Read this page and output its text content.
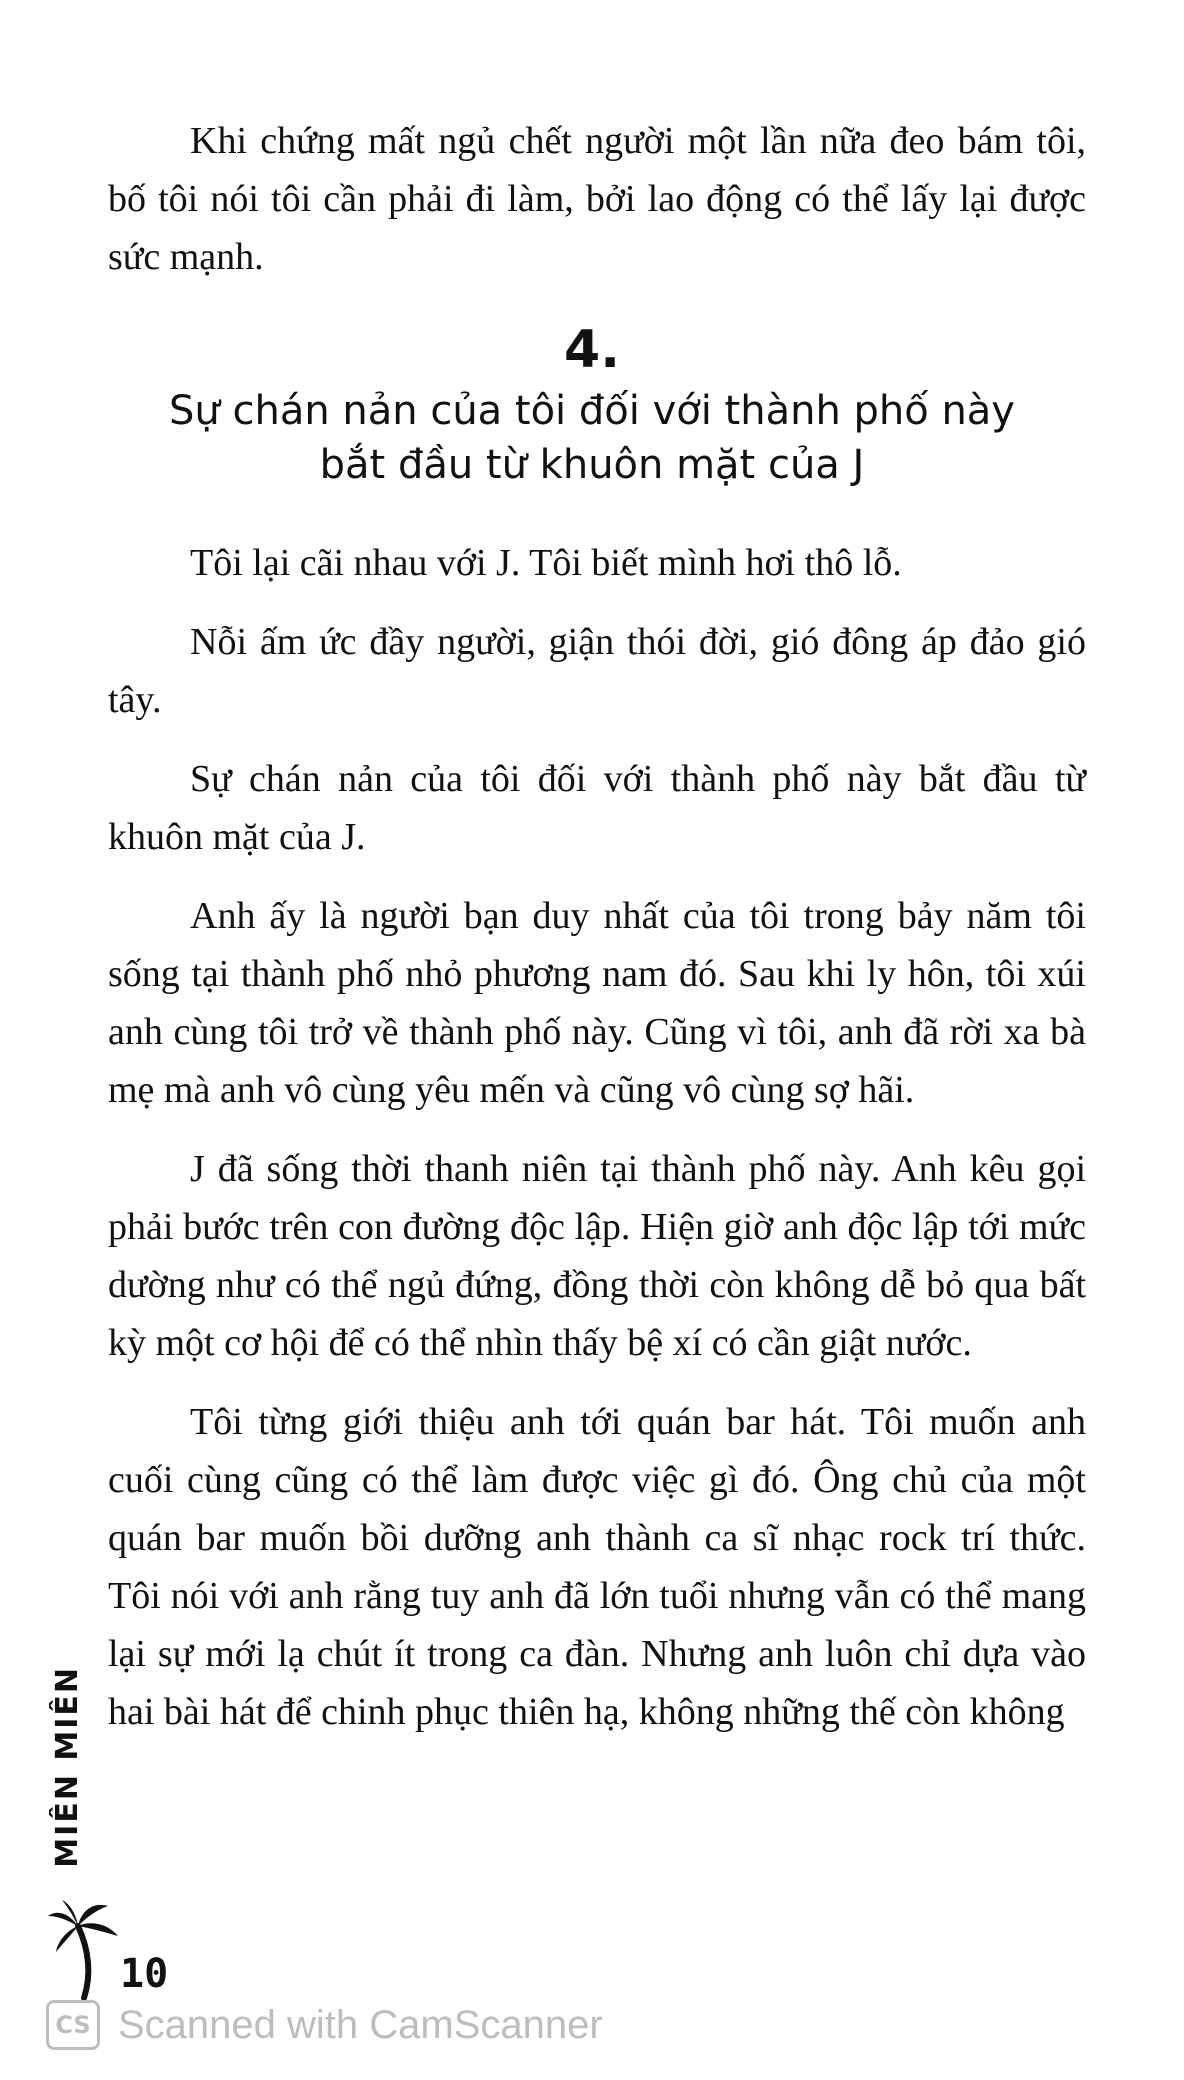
Khi chứng mất ngủ chết người một lần nữa đeo bám tôi, bố tôi nói tôi cần phải đi làm, bởi lao động có thể lấy lại được sức mạnh.

4.
Sự chán nản của tôi đối với thành phố này
bắt đầu từ khuôn mặt của J

Tôi lại cãi nhau với J. Tôi biết mình hơi thô lỗ.

Nỗi ấm ức đầy người, giận thói đời, gió đông áp đảo gió tây.

Sự chán nản của tôi đối với thành phố này bắt đầu từ khuôn mặt của J.

Anh ấy là người bạn duy nhất của tôi trong bảy năm tôi sống tại thành phố nhỏ phương nam đó. Sau khi ly hôn, tôi xúi anh cùng tôi trở về thành phố này. Cũng vì tôi, anh đã rời xa bà mẹ mà anh vô cùng yêu mến và cũng vô cùng sợ hãi.

J đã sống thời thanh niên tại thành phố này. Anh kêu gọi phải bước trên con đường độc lập. Hiện giờ anh độc lập tới mức dường như có thể ngủ đứng, đồng thời còn không dễ bỏ qua bất kỳ một cơ hội để có thể nhìn thấy bệ xí có cần giật nước.

Tôi từng giới thiệu anh tới quán bar hát. Tôi muốn anh cuối cùng cũng có thể làm được việc gì đó. Ông chủ của một quán bar muốn bồi dưỡng anh thành ca sĩ nhạc rock trí thức. Tôi nói với anh rằng tuy anh đã lớn tuổi nhưng vẫn có thể mang lại sự mới lạ chút ít trong ca đàn. Nhưng anh luôn chỉ dựa vào hai bài hát để chinh phục thiên hạ, không những thế còn không

MIÊN MIÊN
10
CS Scanned with CamScanner
